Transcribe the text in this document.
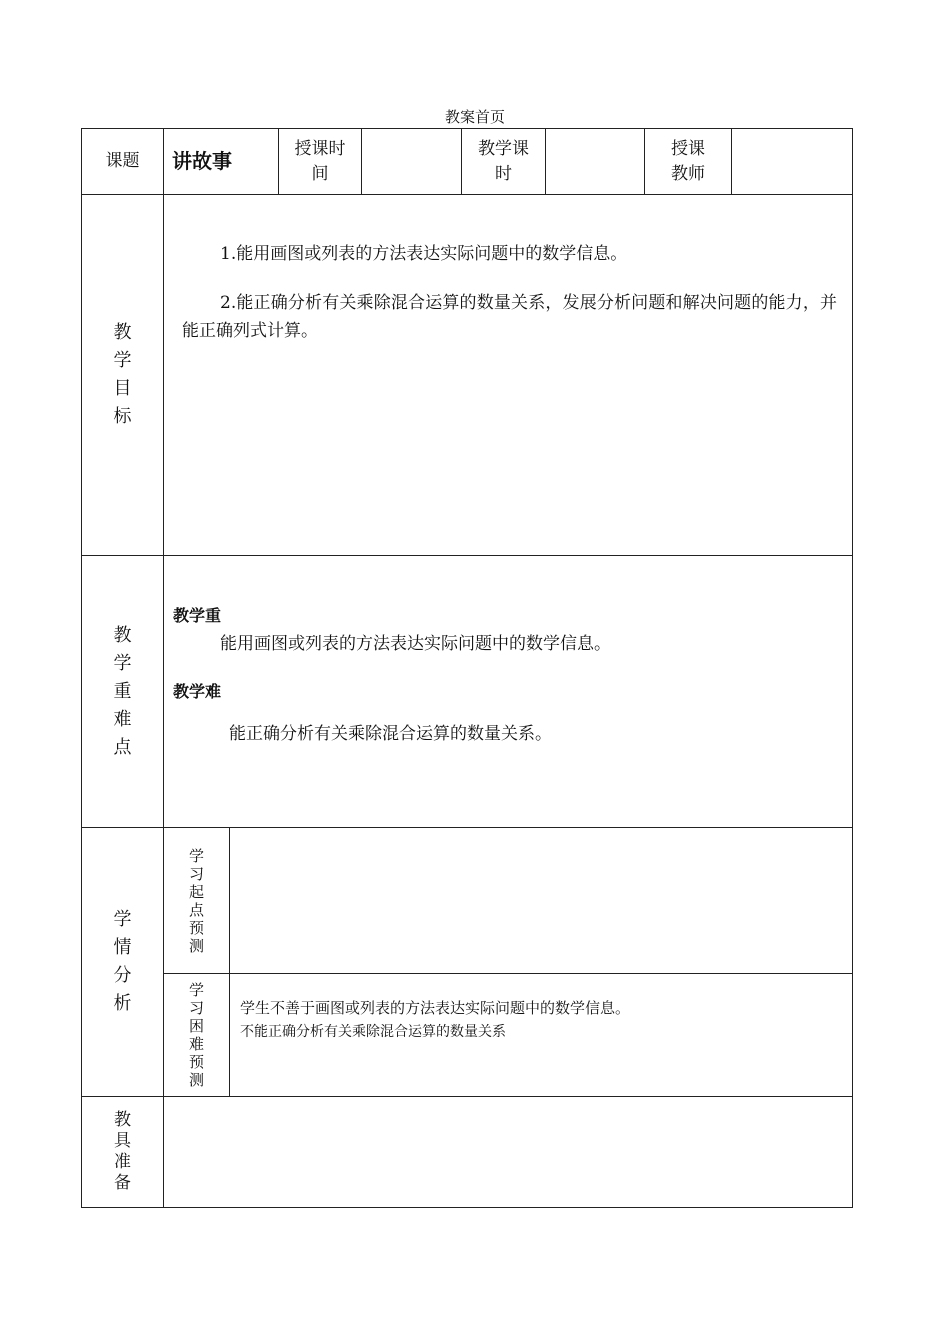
教案首页
课题	讲故事
授课时
间
教学课
时
授课
教师
教
学
目
标

1.能用画图或列表的方法表达实际问题中的数学信息。

2.能正确分析有关乘除混合运算的数量关系，发展分析问题和解决问题的能力，并能正确列式计算。

教
学
重
难
点
教学重
能用画图或列表的方法表达实际问题中的数学信息。
教学难
能正确分析有关乘除混合运算的数量关系。
学
情
分
析
学
习
起
点
预
测
学
习
困
难
预
测
学生不善于画图或列表的方法表达实际问题中的数学信息。
不能正确分析有关乘除混合运算的数量关系
教
具
准
备
